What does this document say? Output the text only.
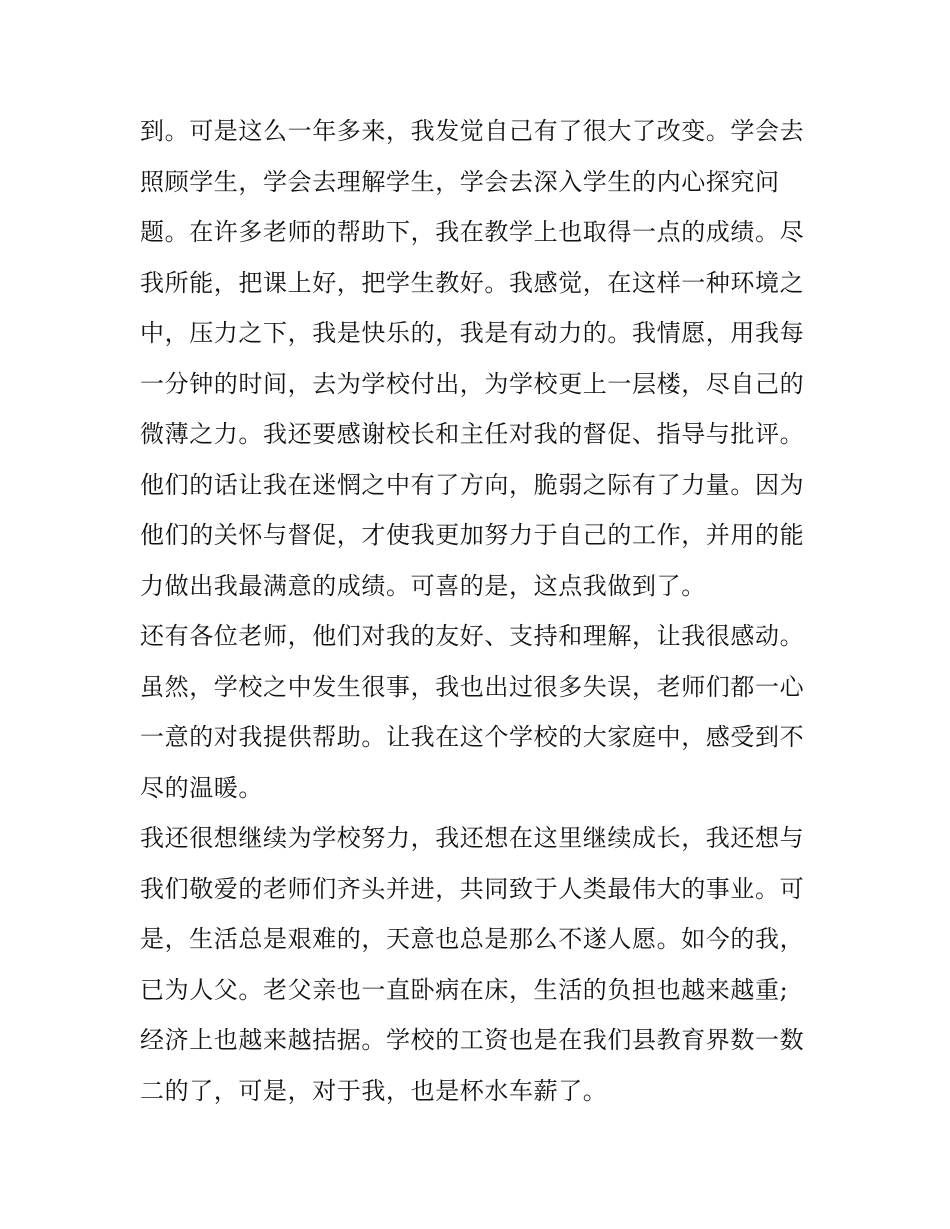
到。可是这么一年多来，我发觉自己有了很大了改变。学会去
照顾学生，学会去理解学生，学会去深入学生的内心探究问
题。在许多老师的帮助下，我在教学上也取得一点的成绩。尽
我所能，把课上好，把学生教好。我感觉，在这样一种环境之
中，压力之下，我是快乐的，我是有动力的。我情愿，用我每
一分钟的时间，去为学校付出，为学校更上一层楼，尽自己的
微薄之力。我还要感谢校长和主任对我的督促、指导与批评。
他们的话让我在迷惘之中有了方向，脆弱之际有了力量。因为
他们的关怀与督促，才使我更加努力于自己的工作，并用的能
力做出我最满意的成绩。可喜的是，这点我做到了。
还有各位老师，他们对我的友好、支持和理解，让我很感动。
虽然，学校之中发生很事，我也出过很多失误，老师们都一心
一意的对我提供帮助。让我在这个学校的大家庭中，感受到不
尽的温暖。
我还很想继续为学校努力，我还想在这里继续成长，我还想与
我们敬爱的老师们齐头并进，共同致于人类最伟大的事业。可
是，生活总是艰难的，天意也总是那么不遂人愿。如今的我，
已为人父。老父亲也一直卧病在床，生活的负担也越来越重;
经济上也越来越拮据。学校的工资也是在我们县教育界数一数
二的了，可是，对于我，也是杯水车薪了。
